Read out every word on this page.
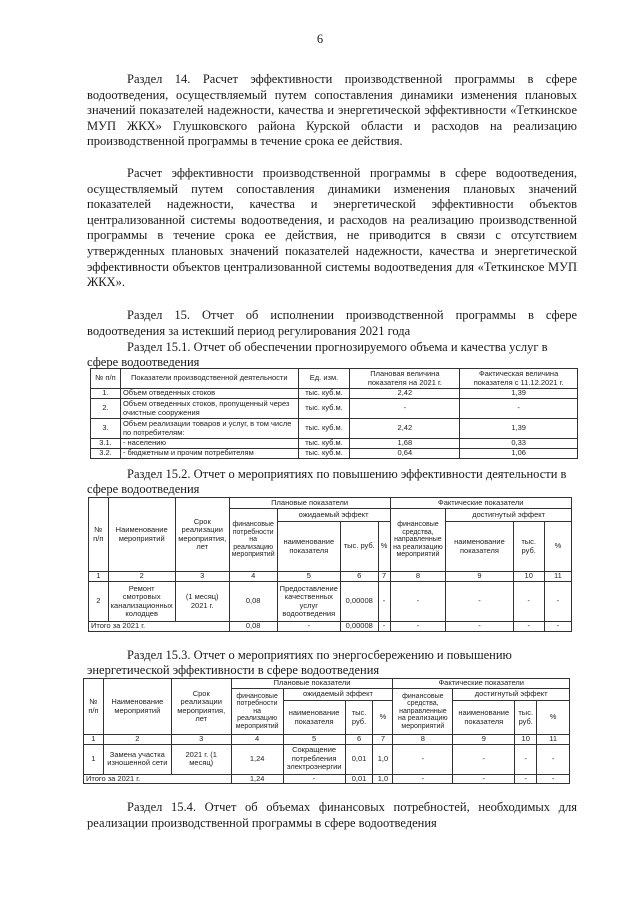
6

Раздел 14. Расчет эффективности производственной программы в сфере водоотведения, осуществляемый путем сопоставления динамики изменения плановых значений показателей надежности, качества и энергетической эффективности «Теткинское МУП ЖКХ» Глушковского района Курской области и расходов на реализацию производственной программы в течение срока ее действия.

Расчет эффективности производственной программы в сфере водоотведения, осуществляемый путем сопоставления динамики изменения плановых значений показателей надежности, качества и энергетической эффективности объектов централизованной системы водоотведения, и расходов на реализацию производственной программы в течение срока ее действия, не приводится в связи с отсутствием утвержденных плановых значений показателей надежности, качества и энергетической эффективности объектов централизованной системы водоотведения для «Теткинское МУП ЖКХ».

Раздел 15. Отчет об исполнении производственной программы в сфере водоотведения за истекший период регулирования 2021 года

Раздел 15.1. Отчет об обеспечении прогнозируемого объема и качества услуг в сфере водоотведения

№ п/п	Показатели производственной деятельности	Ед. изм.	Плановая величина показателя на 2021 г.	Фактическая величина показателя с 11.12.2021 г.
1.	Объем отведенных стоков	тыс. куб.м.	2,42	1,39
2.	Объем отведенных стоков, пропущенный через очистные сооружения	тыс. куб.м.	-	-
3.	Объем реализации товаров и услуг, в том числе по потребителям:	тыс. куб.м.	2,42	1,39
3.1.	- населению	тыс. куб.м.	1,68	0,33
3.2.	- бюджетным и прочим потребителям	тыс. куб.м.	0,64	1,06

Раздел 15.2. Отчет о мероприятиях по повышению эффективности деятельности в сфере водоотведения

№ п/п	Наименование мероприятий	Срок реализации мероприятия, лет	Плановые показатели				Фактические показатели			
			финансовые потребности на реализацию мероприятий	ожидаемый эффект			финансовые средства, направленные на реализацию мероприятий	достигнутый эффект		
				наименование показателя	тыс. руб.	%		наименование показателя	тыс. руб.	%
1	2	3	4	5	6	7	8	9	10	11
2	Ремонт смотровых канализационных колодцев	(1 месяц) 2021 г.	0,08	Предоставление качественных услуг водоотведения	0,00008	-	-	-	-	-
Итого за 2021 г.			0,08	-	0,00008	-	-	-	-	-

Раздел 15.3. Отчет о мероприятиях по энергосбережению и повышению энергетической эффективности в сфере водоотведения

№ п/п	Наименование мероприятий	Срок реализации мероприятия, лет	Плановые показатели				Фактические показатели			
			финансовые потребности на реализацию мероприятий	ожидаемый эффект			финансовые средства, направленные на реализацию мероприятий	достигнутый эффект		
				наименование показателя	тыс. руб.	%		наименование показателя	тыс. руб.	%
1	2	3	4	5	6	7	8	9	10	11
1	Замена участка изношенной сети	2021 г. (1 месяц)	1,24	Сокращение потребления электроэнергии	0,01	1,0	-	-	-	-
Итого за 2021 г.			1,24	-	0,01	1,0	-	-	-	-

Раздел 15.4. Отчет об объемах финансовых потребностей, необходимых для реализации производственной программы в сфере водоотведения
